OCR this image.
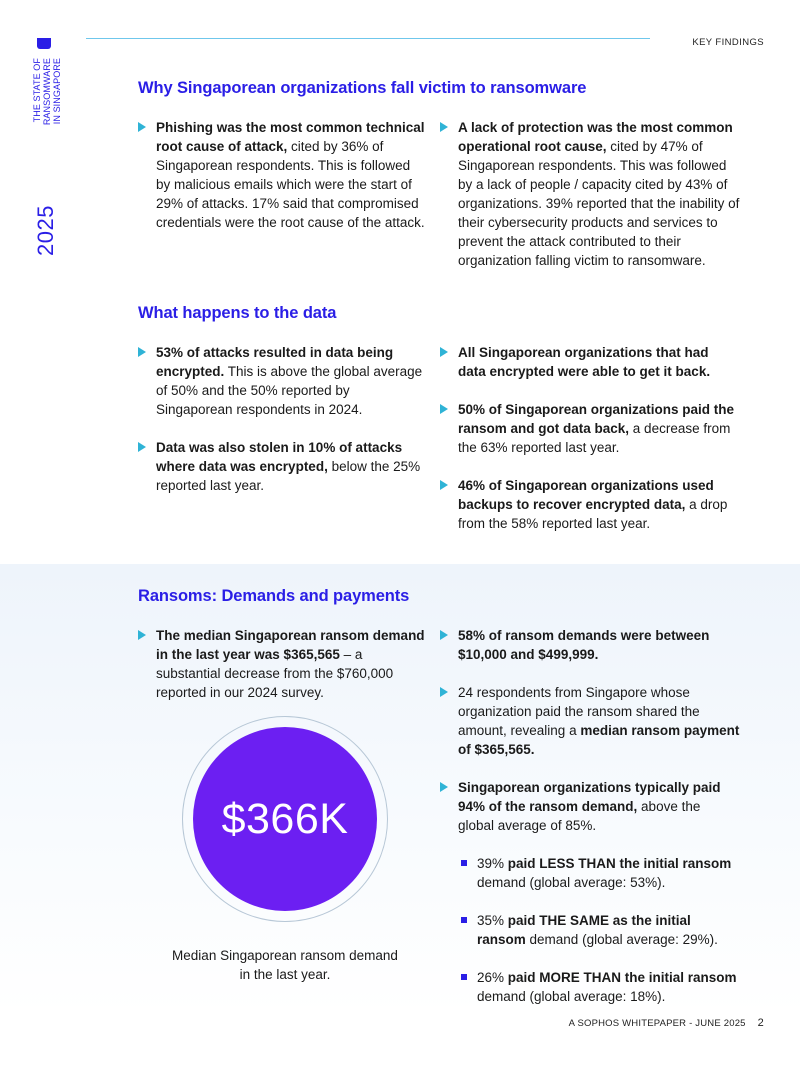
KEY FINDINGS
THE STATE OF RANSOMWARE IN SINGAPORE
2025
Why Singaporean organizations fall victim to ransomware

Phishing was the most common technical root cause of attack, cited by 36% of Singaporean respondents. This is followed by malicious emails which were the start of 29% of attacks. 17% said that compromised credentials were the root cause of the attack.

A lack of protection was the most common operational root cause, cited by 47% of Singaporean respondents. This was followed by a lack of people / capacity cited by 43% of organizations. 39% reported that the inability of their cybersecurity products and services to prevent the attack contributed to their organization falling victim to ransomware.

What happens to the data

53% of attacks resulted in data being encrypted. This is above the global average of 50% and the 50% reported by Singaporean respondents in 2024.

Data was also stolen in 10% of attacks where data was encrypted, below the 25% reported last year.

All Singaporean organizations that had data encrypted were able to get it back.

50% of Singaporean organizations paid the ransom and got data back, a decrease from the 63% reported last year.

46% of Singaporean organizations used backups to recover encrypted data, a drop from the 58% reported last year.

Ransoms: Demands and payments

The median Singaporean ransom demand in the last year was $365,565 – a substantial decrease from the $760,000 reported in our 2024 survey.

$366K
Median Singaporean ransom demand in the last year.

58% of ransom demands were between $10,000 and $499,999.

24 respondents from Singapore whose organization paid the ransom shared the amount, revealing a median ransom payment of $365,565.

Singaporean organizations typically paid 94% of the ransom demand, above the global average of 85%.

39% paid LESS THAN the initial ransom demand (global average: 53%).

35% paid THE SAME as the initial ransom demand (global average: 29%).

26% paid MORE THAN the initial ransom demand (global average: 18%).

A SOPHOS WHITEPAPER - JUNE 2025 2
